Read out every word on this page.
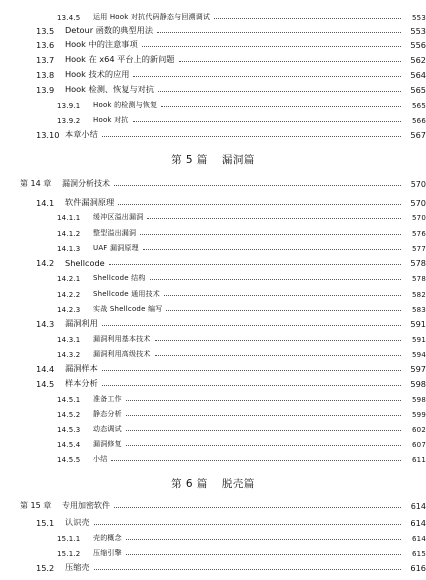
13.4.5	运用 Hook 对抗代码静态与回溯调试	553
13.5	Detour 函数的典型用法	553
13.6	Hook 中的注意事项	556
13.7	Hook 在 x64 平台上的新问题	562
13.8	Hook 技术的应用	564
13.9	Hook 检测、恢复与对抗	565
13.9.1	Hook 的检测与恢复	565
13.9.2	Hook 对抗	566
13.10 本章小结	567
第 5 篇 漏洞篇
第 14 章	漏洞分析技术	570
14.1	软件漏洞原理	570
14.1.1	缓冲区溢出漏洞	570
14.1.2	整型溢出漏洞	576
14.1.3	UAF 漏洞原理	577
14.2	Shellcode	578
14.2.1	Shellcode 结构	578
14.2.2	Shellcode 通用技术	582
14.2.3	实战 Shellcode 编写	583
14.3	漏洞利用	591
14.3.1	漏洞利用基本技术	591
14.3.2	漏洞利用高级技术	594
14.4	漏洞样本	597
14.5	样本分析	598
14.5.1	准备工作	598
14.5.2	静态分析	599
14.5.3	动态调试	602
14.5.4	漏洞修复	607
14.5.5	小结	611
第 6 篇 脱壳篇
第 15 章	专用加密软件	614
15.1	认识壳	614
15.1.1	壳的概念	614
15.1.2	压缩引擎	615
15.2	压缩壳	616
